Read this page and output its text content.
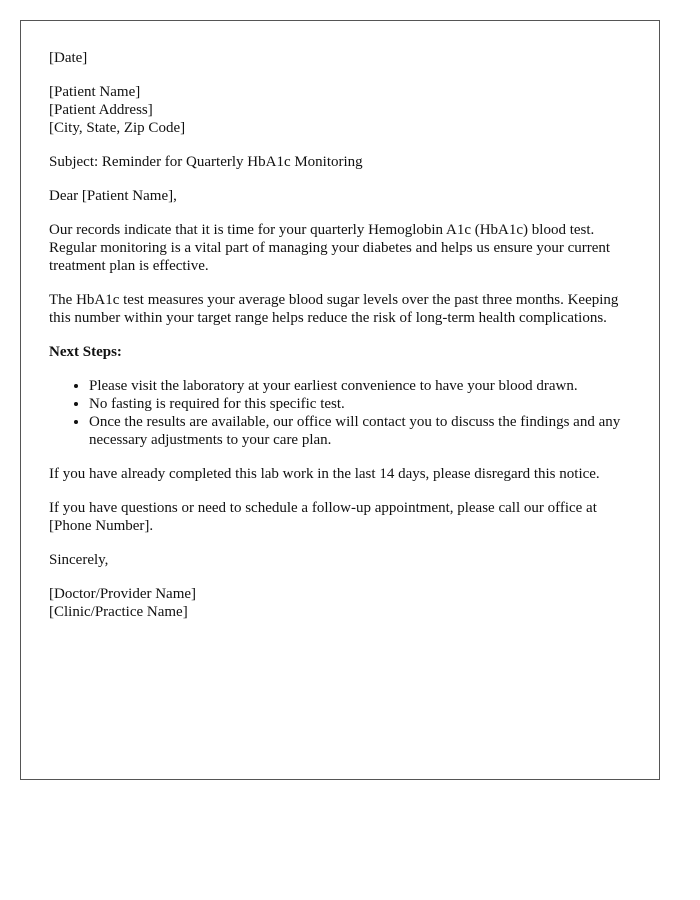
[Date]

[Patient Name]
[Patient Address]
[City, State, Zip Code]

Subject: Reminder for Quarterly HbA1c Monitoring

Dear [Patient Name],

Our records indicate that it is time for your quarterly Hemoglobin A1c (HbA1c) blood test. Regular monitoring is a vital part of managing your diabetes and helps us ensure your current treatment plan is effective.

The HbA1c test measures your average blood sugar levels over the past three months. Keeping this number within your target range helps reduce the risk of long-term health complications.

Next Steps:

• Please visit the laboratory at your earliest convenience to have your blood drawn.
• No fasting is required for this specific test.
• Once the results are available, our office will contact you to discuss the findings and any necessary adjustments to your care plan.

If you have already completed this lab work in the last 14 days, please disregard this notice.

If you have questions or need to schedule a follow-up appointment, please call our office at [Phone Number].

Sincerely,

[Doctor/Provider Name]
[Clinic/Practice Name]
